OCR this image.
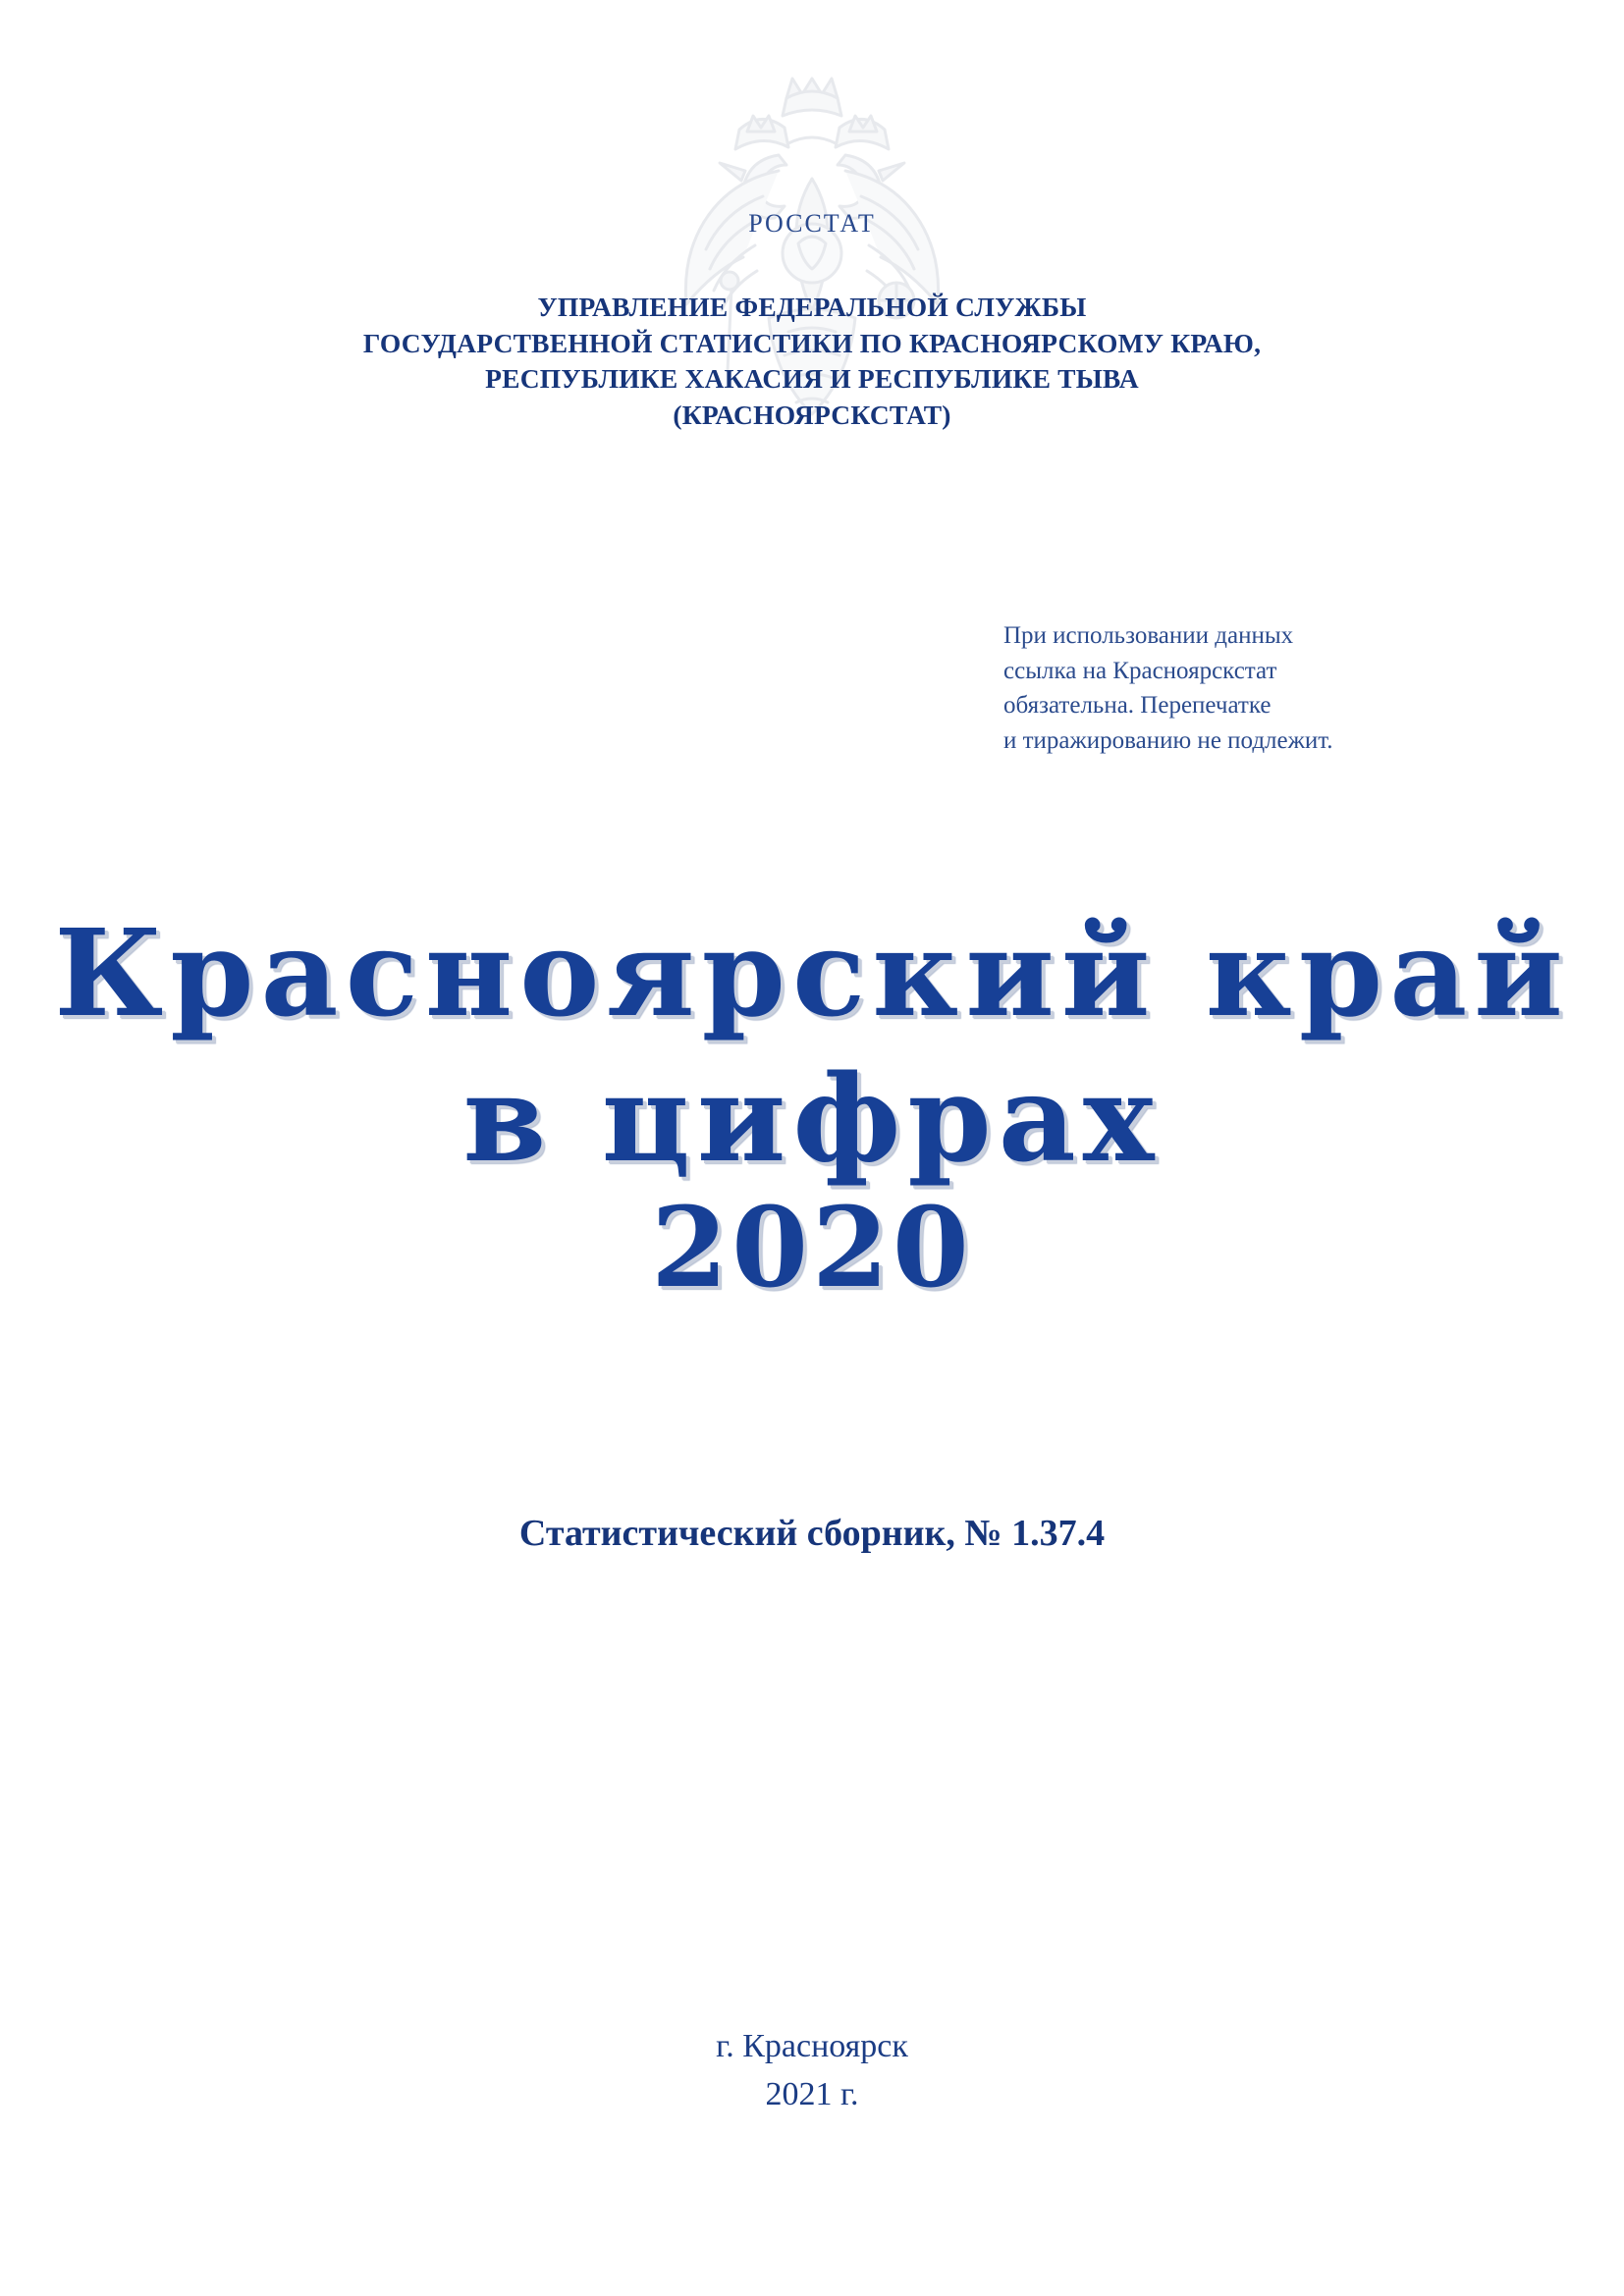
РОССТАТ
УПРАВЛЕНИЕ ФЕДЕРАЛЬНОЙ СЛУЖБЫ
ГОСУДАРСТВЕННОЙ СТАТИСТИКИ ПО КРАСНОЯРСКОМУ КРАЮ,
РЕСПУБЛИКЕ ХАКАСИЯ И РЕСПУБЛИКЕ ТЫВА
(КРАСНОЯРСКСТАТ)
При использовании данных
ссылка на Красноярскстат
обязательна. Перепечатке
и тиражированию не подлежит.
Красноярский край
в цифрах
2020
Статистический сборник, № 1.37.4
г. Красноярск
2021 г.
